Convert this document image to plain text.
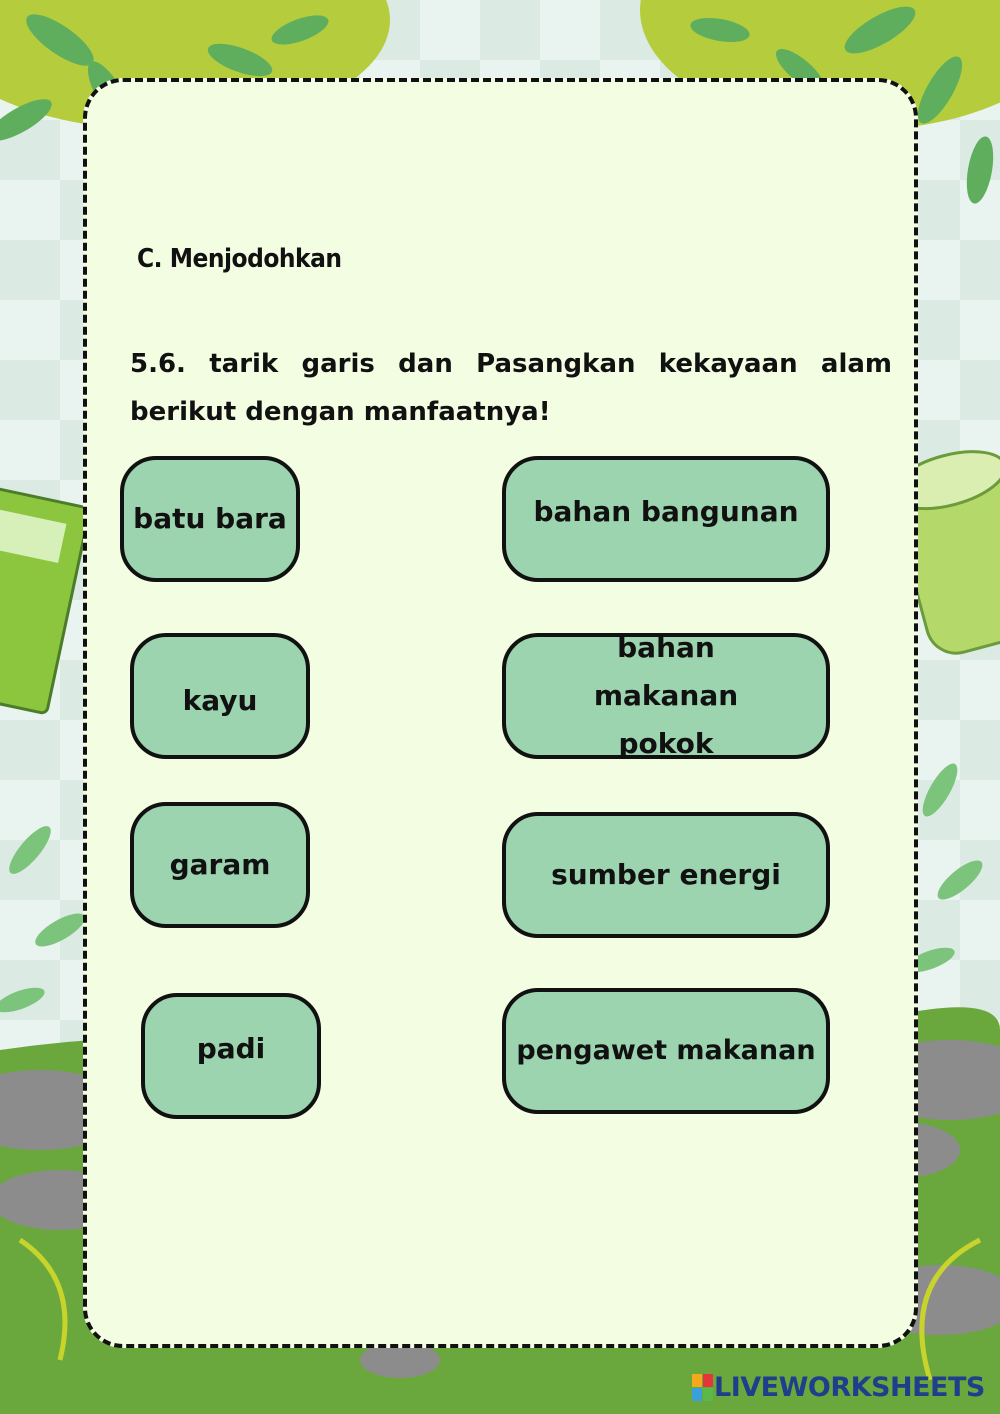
C. Menjodohkan
5.6. tarik garis dan Pasangkan kekayaan alam berikut dengan manfaatnya!
batu bara
kayu
garam
padi
bahan bangunan
bahan makanan pokok
sumber energi
pengawet makanan
LIVEWORKSHEETS
